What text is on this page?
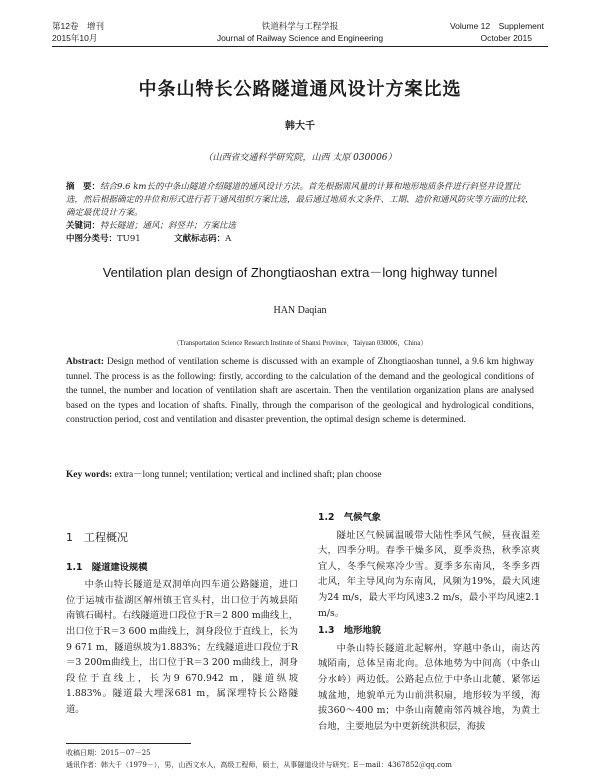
第12卷　增刊
2015年10月
铁道科学与工程学报
Journal of Railway Science and Engineering
Volume 12　Supplement
October 2015
中条山特长公路隧道通风设计方案比选
韩大千
（山西省交通科学研究院，山西 太原 030006）
摘　要：结合9.6 km长的中条山隧道介绍隧道的通风设计方法。首先根据需风量的计算和地形地质条件进行斜竖井设置比选，然后根据确定的井位和形式进行若干通风组织方案比选，最后通过地质水文条件、工期、造价和通风防灾等方面的比较，确定最优设计方案。
关键词：特长隧道；通风；斜竖井；方案比选
中图分类号：TU91	文献标志码：A
Ventilation plan design of Zhongtiaoshan extra－long highway tunnel
HAN Daqian
（Transportation Science Research Institute of Shanxi Province，Taiyuan 030006，China）
Abstract: Design method of ventilation scheme is discussed with an example of Zhongtiaoshan tunnel, a 9.6 km highway tunnel. The process is as the following: firstly, according to the calculation of the demand and the geological conditions of the tunnel, the number and location of ventilation shaft are ascertain. Then the ventilation organization plans are analysed based on the types and location of shafts. Finally, through the comparison of the geological and hydrological conditions, construction period, cost and ventilation and disaster prevention, the optimal design scheme is determined.
Key words: extra－long tunnel; ventilation; vertical and inclined shaft; plan choose
1　工程概况
1.1　隧道建设规模

中条山特长隧道是双洞单向四车道公路隧道，进口位于运城市盐湖区解州镇王官头村，出口位于芮城县陌南镇石碣村。右线隧道进口段位于R＝2 800 m曲线上，出口位于R＝3 600 m曲线上，洞身段位于直线上，长为9 671 m，隧道纵坡为1.883%；左线隧道进口段位于R＝3 200m曲线上，出口位于R＝3 200 m曲线上，洞身段位于直线上，长为9 670.942 m，隧道纵坡1.883%。隧道最大埋深681 m，属深埋特长公路隧道。

1.2　气候气象

隧址区气候属温暖带大陆性季风气候，昼夜温差大，四季分明。春季干燥多风，夏季炎热，秋季凉爽宜人，冬季气候寒冷少雪。夏季多东南风，冬季多西北风，年主导风向为东南风，风频为19%，最大风速为24 m/s，最大平均风速3.2 m/s，最小平均风速2.1 m/s。

1.3　地形地貌

中条山特长隧道北起解州，穿越中条山，南达芮城陌南，总体呈南北向。总体地势为中间高（中条山分水岭）两边低。公路起点位于中条山北麓、紧邻运城盆地，地貌单元为山前洪积扇，地形较为平缓，海拔360～400 m；中条山南麓南邻芮城谷地，为黄土台地，主要地层为中更新统洪积层，海拔

收稿日期：2015－07－25
通讯作者：韩大千（1979－），男，山西文水人，高级工程师，硕士，从事隧道设计与研究；E－mail：4367852＠qq.com
